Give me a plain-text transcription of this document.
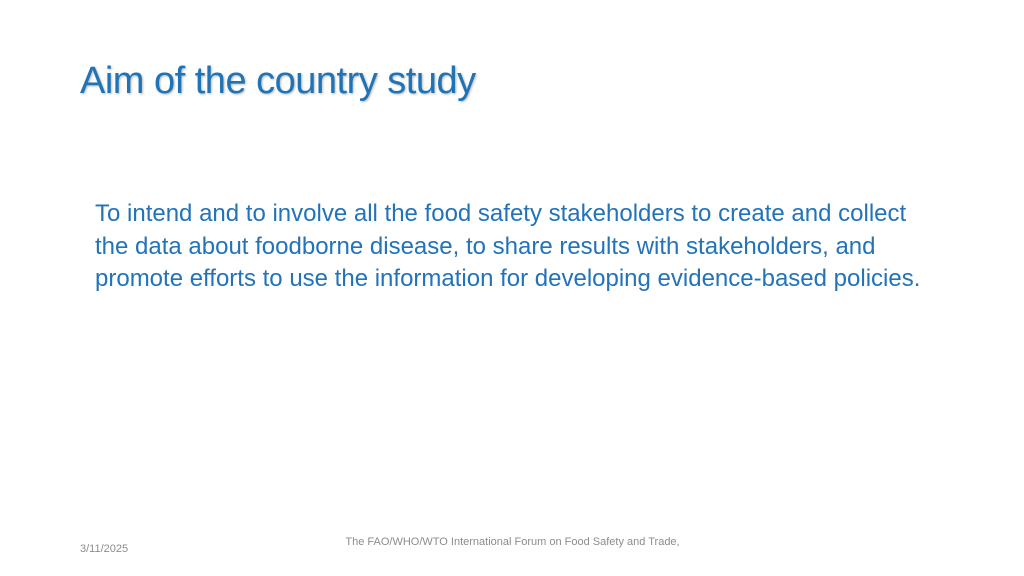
Aim of the country study

To intend and to involve all the food safety stakeholders to create and collect the data about foodborne disease, to share results with stakeholders, and promote efforts to use the information for developing evidence-based policies.

3/11/2025
The FAO/WHO/WTO International Forum on Food Safety and Trade,
